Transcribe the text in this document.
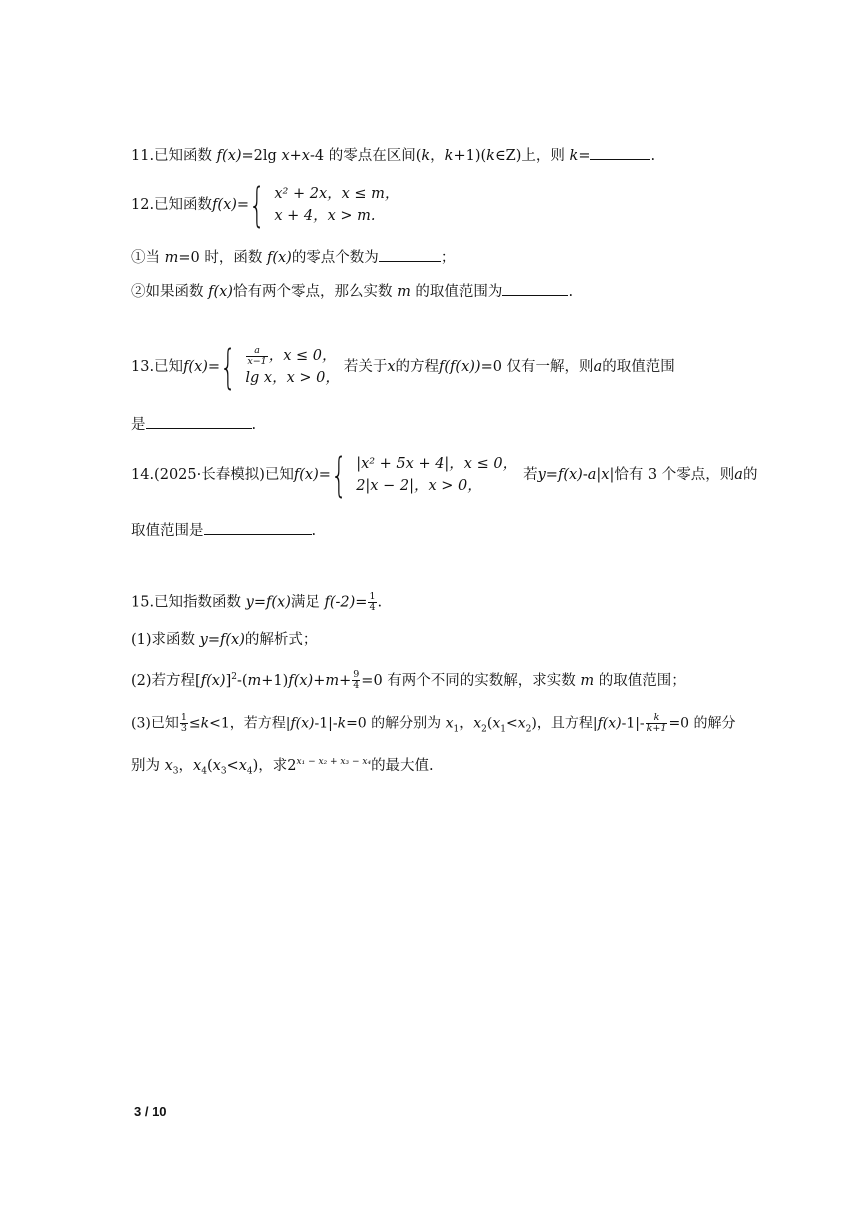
11.已知函数 f(x)=2lg x+x-4 的零点在区间(k，k+1)(k∈Z)上，则 k=	.
12.已知函数 f(x) = { x² + 2x，x ≤ m，
x + 4，x > m.
①当 m=0 时，函数 f(x)的零点个数为	；
②如果函数 f(x)恰有两个零点，那么实数 m 的取值范围为	.
13.已知 f(x) = { $\frac{a}{x-1}$ ，x ≤ 0，
lg x，x > 0，
若关于 x 的方程 f(f(x)) =0 仅有一解，则 a 的取值范围
是	.
14.(2025·长春模拟)已知 f(x) = { |x² + 5x + 4|，x ≤ 0，
2|x − 2|，x > 0，
若 y = f(x) - a |x| 恰有 3 个零点，则 a 的
取值范围是	.
15.已知指数函数 y=f(x)满足 $f(-2)= \frac{1}{4}$ .
(1)求函数 y=f(x)的解析式；
(2)若方程$[f(x)]^2-(m+1)f(x)+m+ \frac{9}{4} =0$ 有两个不同的实数解，求实数 m 的取值范围；
(3)已知 $\frac{1}{3} \le k<1$，若方程|f(x)-1|-k=0 的解分别为 $x_1$，$x_2(x_1<x_2)$，且方程$|f(x)-1|- \frac{k}{k+1} =0$ 的解分
别为 $x_3$，$x_4(x_3<x_4)$，求$2^{x_1 - x_2 + x_3 - x_4}$的最大值.
3 / 10
